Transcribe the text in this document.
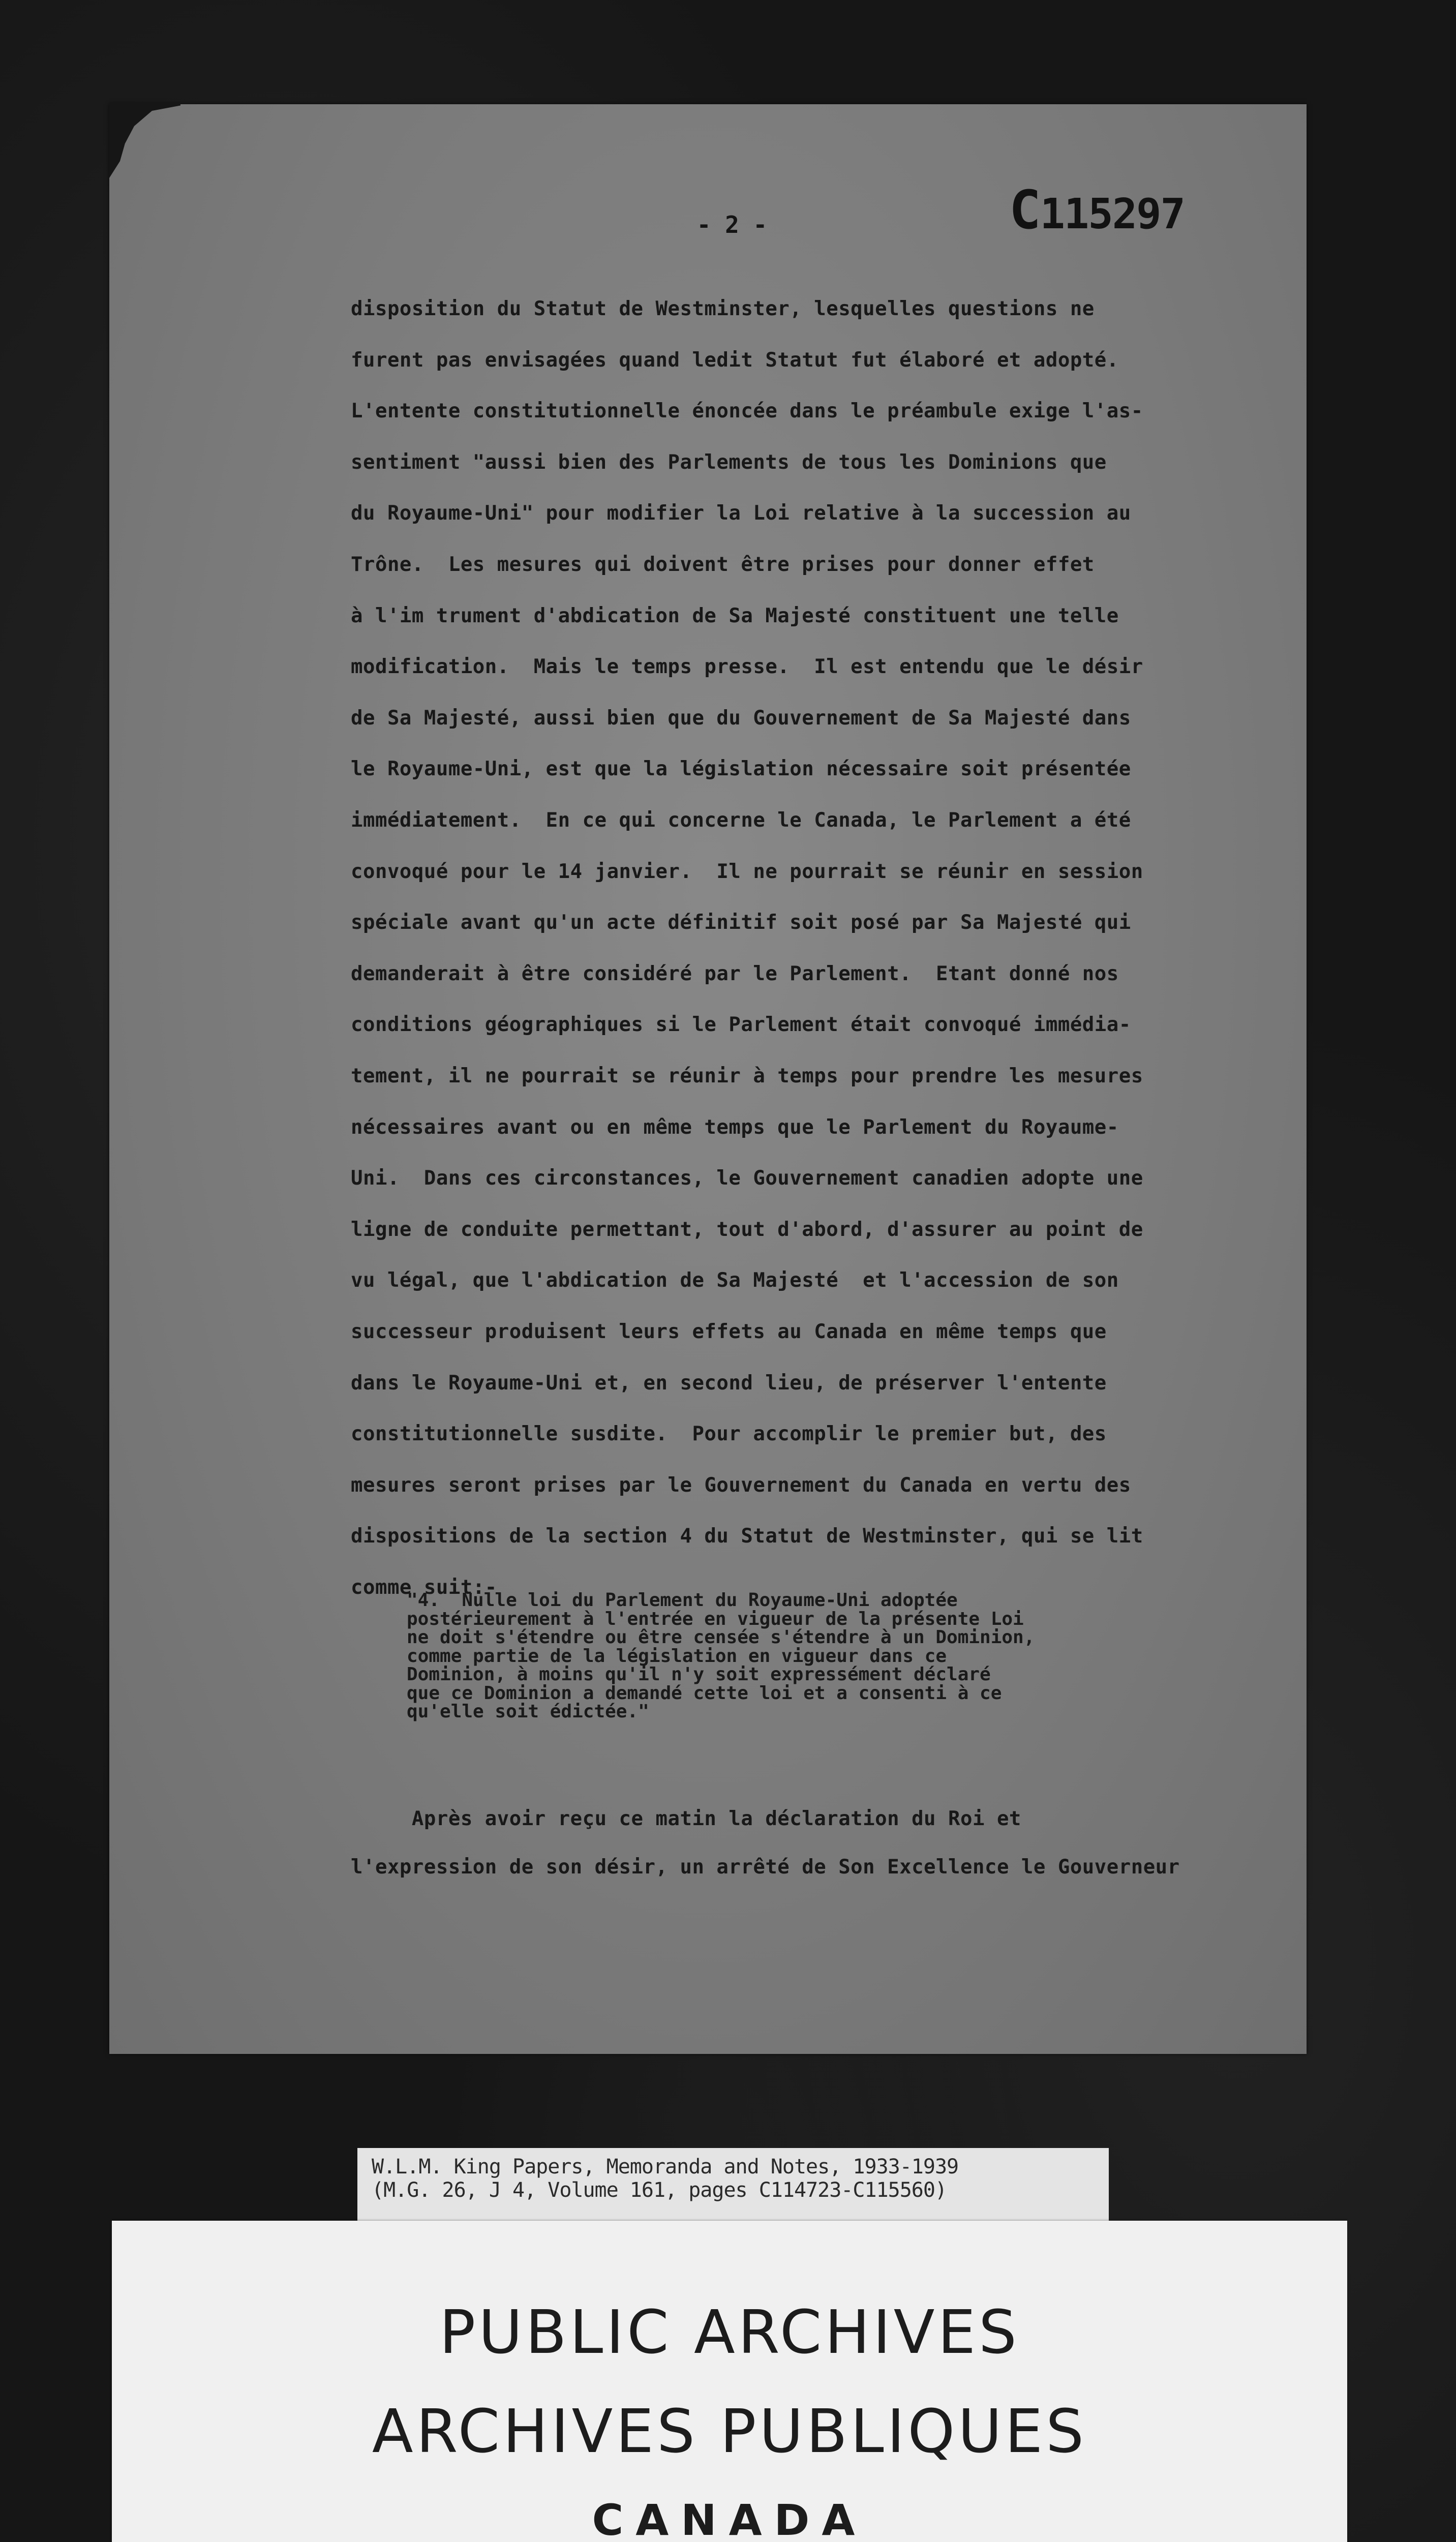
- 2 -	C115297
disposition du Statut de Westminster, lesquelles questions ne
furent pas envisagées quand ledit Statut fut élaboré et adopté.
L'entente constitutionnelle énoncée dans le préambule exige l'as-
sentiment "aussi bien des Parlements de tous les Dominions que
du Royaume-Uni" pour modifier la Loi relative à la succession au
Trône.  Les mesures qui doivent être prises pour donner effet
à l'im trument d'abdication de Sa Majesté constituent une telle
modification.  Mais le temps presse.  Il est entendu que le désir
de Sa Majesté, aussi bien que du Gouvernement de Sa Majesté dans
le Royaume-Uni, est que la législation nécessaire soit présentée
immédiatement.  En ce qui concerne le Canada, le Parlement a été
convoqué pour le 14 janvier.  Il ne pourrait se réunir en session
spéciale avant qu'un acte définitif soit posé par Sa Majesté qui
demanderait à être considéré par le Parlement.  Etant donné nos
conditions géographiques si le Parlement était convoqué immédia-
tement, il ne pourrait se réunir à temps pour prendre les mesures
nécessaires avant ou en même temps que le Parlement du Royaume-
Uni.  Dans ces circonstances, le Gouvernement canadien adopte une
ligne de conduite permettant, tout d'abord, d'assurer au point de
vu légal, que l'abdication de Sa Majesté  et l'accession de son
successeur produisent leurs effets au Canada en même temps que
dans le Royaume-Uni et, en second lieu, de préserver l'entente
constitutionnelle susdite.  Pour accomplir le premier but, des
mesures seront prises par le Gouvernement du Canada en vertu des
dispositions de la section 4 du Statut de Westminster, qui se lit
comme suit:-
"4.  Nulle loi du Parlement du Royaume-Uni adoptée
postérieurement à l'entrée en vigueur de la présente Loi
ne doit s'étendre ou être censée s'étendre à un Dominion,
comme partie de la législation en vigueur dans ce
Dominion, à moins qu'il n'y soit expressément déclaré
que ce Dominion a demandé cette loi et a consenti à ce
qu'elle soit édictée."
Après avoir reçu ce matin la déclaration du Roi et
l'expression de son désir, un arrêté de Son Excellence le Gouverneur
W.L.M. King Papers, Memoranda and Notes, 1933-1939
(M.G. 26, J 4, Volume 161, pages C114723-C115560)
PUBLIC ARCHIVES
ARCHIVES PUBLIQUES
CANADA
